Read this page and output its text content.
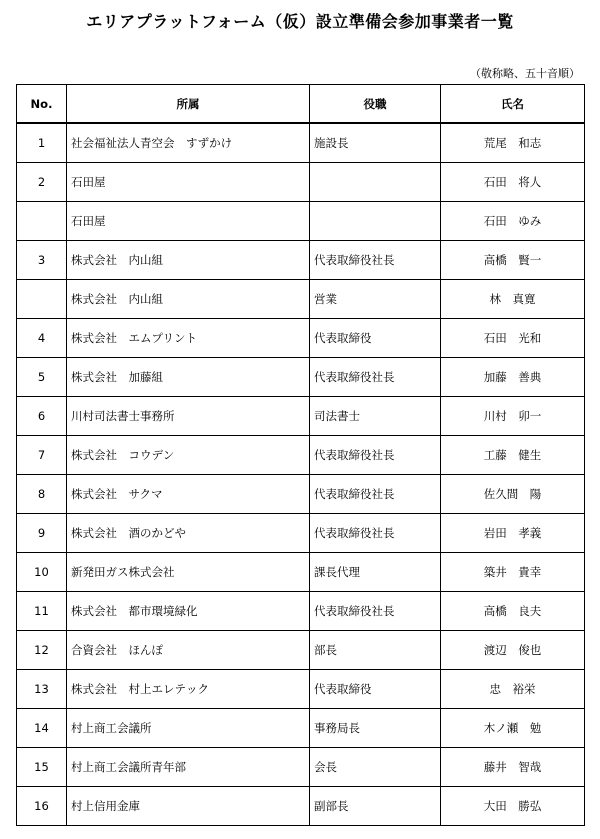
エリアプラットフォーム（仮）設立準備会参加事業者一覧
（敬称略、五十音順）
No.	所属	役職	氏名
1	社会福祉法人青空会　すずかけ	施設長	荒尾　和志
2	石田屋		石田　将人
	石田屋		石田　ゆみ
3	株式会社　内山組	代表取締役社長	高橋　賢一
	株式会社　内山組	営業	林　真寛
4	株式会社　エムプリント	代表取締役	石田　光和
5	株式会社　加藤組	代表取締役社長	加藤　善典
6	川村司法書士事務所	司法書士	川村　卯一
7	株式会社　コウデン	代表取締役社長	工藤　健生
8	株式会社　サクマ	代表取締役社長	佐久間　陽
9	株式会社　酒のかどや	代表取締役社長	岩田　孝義
10	新発田ガス株式会社	課長代理	築井　貴幸
11	株式会社　都市環境緑化	代表取締役社長	高橋　良夫
12	合資会社　ほんぽ	部長	渡辺　俊也
13	株式会社　村上エレテック	代表取締役	忠　裕栄
14	村上商工会議所	事務局長	木ノ瀬　勉
15	村上商工会議所青年部	会長	藤井　智哉
16	村上信用金庫	副部長	大田　勝弘
